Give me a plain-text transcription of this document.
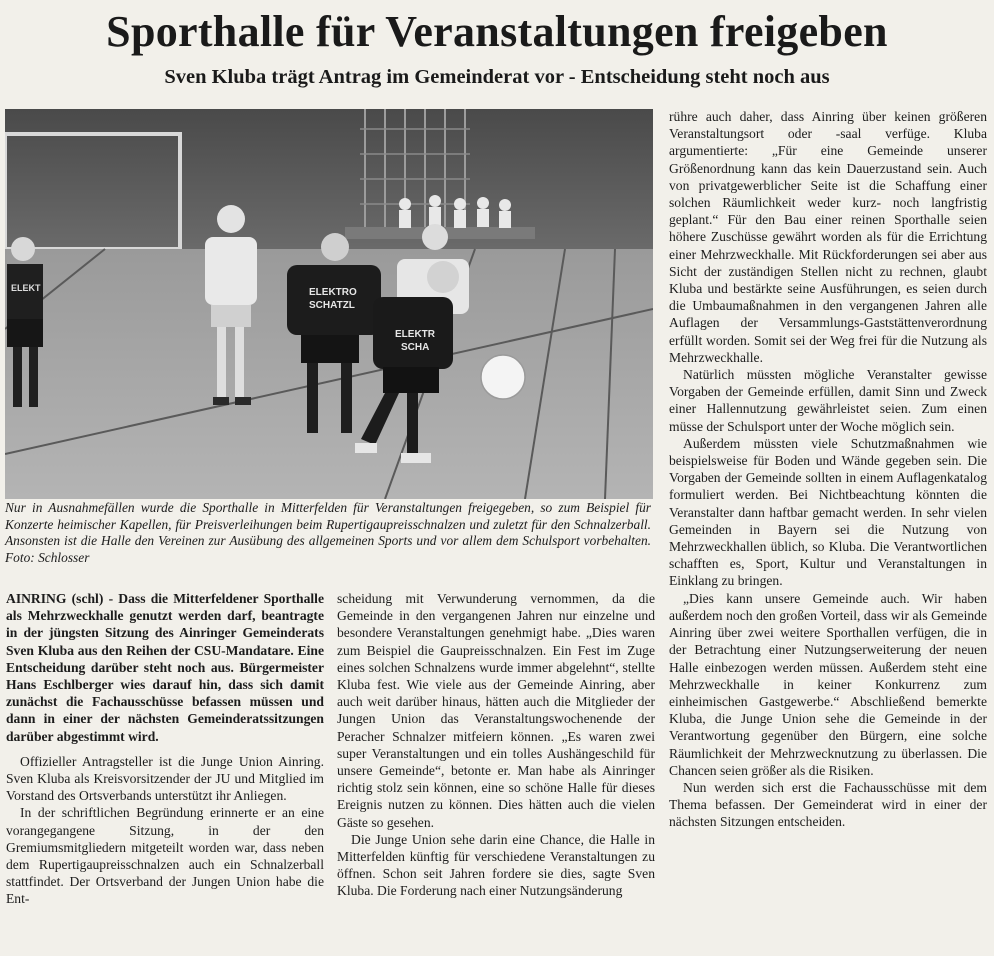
Sporthalle für Veranstaltungen freigeben
Sven Kluba trägt Antrag im Gemeinderat vor - Entscheidung steht noch aus
ELEKT	ELEKTRO
SCHATZL
ELEKTR
SCHA
Nur in Ausnahmefällen wurde die Sporthalle in Mitterfelden für Veranstaltungen freigegeben, so zum Beispiel für Konzerte heimischer Kapellen, für Preisverleihungen beim Rupertigaupreisschnalzen und zuletzt für den Schnalzerball. Ansonsten ist die Halle den Vereinen zur Ausübung des allgemeinen Sports und vor allem dem Schulsport vorbehalten. Foto: Schlosser

AINRING (schl) - Dass die Mitterfeldener Sporthalle als Mehrzweckhalle genutzt werden darf, beantragte in der jüngsten Sitzung des Ainringer Gemeinderats Sven Kluba aus den Reihen der CSU-Mandatare. Eine Entscheidung darüber steht noch aus. Bürgermeister Hans Eschlberger wies darauf hin, dass sich damit zunächst die Fachausschüsse befassen müssen und dann in einer der nächsten Gemeinderatssitzungen darüber abgestimmt wird.

Offizieller Antragsteller ist die Junge Union Ainring. Sven Kluba als Kreisvorsitzender der JU und Mitglied im Vorstand des Ortsverbands unterstützt ihr Anliegen.

In der schriftlichen Begründung erinnerte er an eine vorangegangene Sitzung, in der den Gremiumsmitgliedern mitgeteilt worden war, dass neben dem Rupertigaupreisschnalzen auch ein Schnalzerball stattfindet. Der Ortsverband der Jungen Union habe die Ent-

scheidung mit Verwunderung vernommen, da die Gemeinde in den vergangenen Jahren nur einzelne und besondere Veranstaltungen genehmigt habe. „Dies waren zum Beispiel die Gaupreisschnalzen. Ein Fest im Zuge eines solchen Schnalzens wurde immer abgelehnt“, stellte Kluba fest. Wie viele aus der Gemeinde Ainring, aber auch weit darüber hinaus, hätten auch die Mitglieder der Jungen Union das Veranstaltungswochenende der Peracher Schnalzer mitfeiern können. „Es waren zwei super Veranstaltungen und ein tolles Aushängeschild für unsere Gemeinde“, betonte er. Man habe als Ainringer richtig stolz sein können, eine so schöne Halle für dieses Ereignis nutzen zu können. Dies hätten auch die vielen Gäste so gesehen.

Die Junge Union sehe darin eine Chance, die Halle in Mitterfelden künftig für verschiedene Veranstaltungen zu öffnen. Schon seit Jahren fordere sie dies, sagte Sven Kluba. Die Forderung nach einer Nutzungsänderung

rühre auch daher, dass Ainring über keinen größeren Veranstaltungsort oder -saal verfüge. Kluba argumentierte: „Für eine Gemeinde unserer Größenordnung kann das kein Dauerzustand sein. Auch von privatgewerblicher Seite ist die Schaffung einer solchen Räumlichkeit weder kurz- noch langfristig geplant.“ Für den Bau einer reinen Sporthalle seien höhere Zuschüsse gewährt worden als für die Errichtung einer Mehrzweckhalle. Mit Rückforderungen sei aber aus Sicht der zuständigen Stellen nicht zu rechnen, glaubt Kluba und bestärkte seine Ausführungen, es seien durch die Umbaumaßnahmen in den vergangenen Jahren alle Auflagen der Versammlungs-Gaststättenverordnung erfüllt worden. Somit sei der Weg frei für die Nutzung als Mehrzweckhalle.

Natürlich müssten mögliche Veranstalter gewisse Vorgaben der Gemeinde erfüllen, damit Sinn und Zweck einer Hallennutzung gewährleistet seien. Zum einen müsse der Schulsport unter der Woche möglich sein.

Außerdem müssten viele Schutzmaßnahmen wie beispielsweise für Boden und Wände gegeben sein. Die Vorgaben der Gemeinde sollten in einem Auflagenkatalog formuliert werden. Bei Nichtbeachtung könnten die Veranstalter dann haftbar gemacht werden. In sehr vielen Gemeinden in Bayern sei die Nutzung von Mehrzweckhallen üblich, so Kluba. Die Verantwortlichen schafften es, Sport, Kultur und Veranstaltungen in Einklang zu bringen.

„Dies kann unsere Gemeinde auch. Wir haben außerdem noch den großen Vorteil, dass wir als Gemeinde Ainring über zwei weitere Sporthallen verfügen, die in der Betrachtung einer Nutzungserweiterung der neuen Halle einbezogen werden müssen. Außerdem steht eine Mehrzweckhalle in keiner Konkurrenz zum einheimischen Gastgewerbe.“ Abschließend bemerkte Kluba, die Junge Union sehe die Gemeinde in der Verantwortung gegenüber den Bürgern, eine solche Räumlichkeit der Mehrzwecknutzung zu überlassen. Die Chancen seien größer als die Risiken.

Nun werden sich erst die Fachausschüsse mit dem Thema befassen. Der Gemeinderat wird in einer der nächsten Sitzungen entscheiden.
